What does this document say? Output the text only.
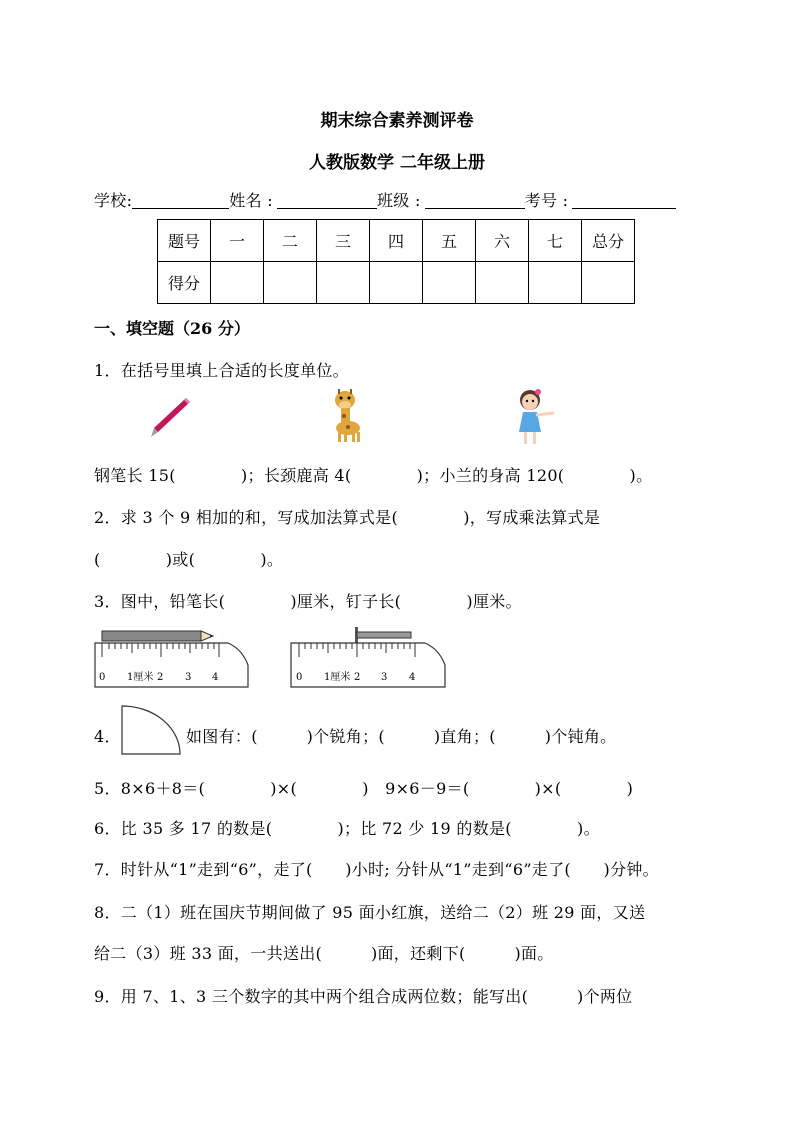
期末综合素养测评卷
人教版数学 二年级上册
学校:	姓名 :	班级 :	考号 :
题号	一	二	三	四	五	六	七	总分
得分								
一、填空题（26 分）
1．在括号里填上合适的长度单位。
钢笔长 15(　　　　)；长颈鹿高 4(　　　　)；小兰的身高 120(　　　　)。
2．求 3 个 9 相加的和，写成加法算式是(　　　　)，写成乘法算式是
(　　　　)或(　　　　)。
3．图中，铅笔长(　　　　)厘米，钉子长(　　　　)厘米。
0 1厘米 2 3 4	0 1厘米 2 3 4
4．	如图有：(　　　)个锐角；(　　　)直角；(　　　)个钝角。
5．8×6＋8＝(　　　　)×(　　　　)　9×6－9＝(　　　　)×(　　　　)
6．比 35 多 17 的数是(　　　　)；比 72 少 19 的数是(　　　　)。
7．时针从“1”走到“6”，走了(　　)小时; 分针从“1”走到“6”走了(　　)分钟。
8．二（1）班在国庆节期间做了 95 面小红旗，送给二（2）班 29 面，又送
给二（3）班 33 面，一共送出(　　　)面，还剩下(　　　)面。
9．用 7、1、3 三个数字的其中两个组合成两位数；能写出(　　　)个两位
